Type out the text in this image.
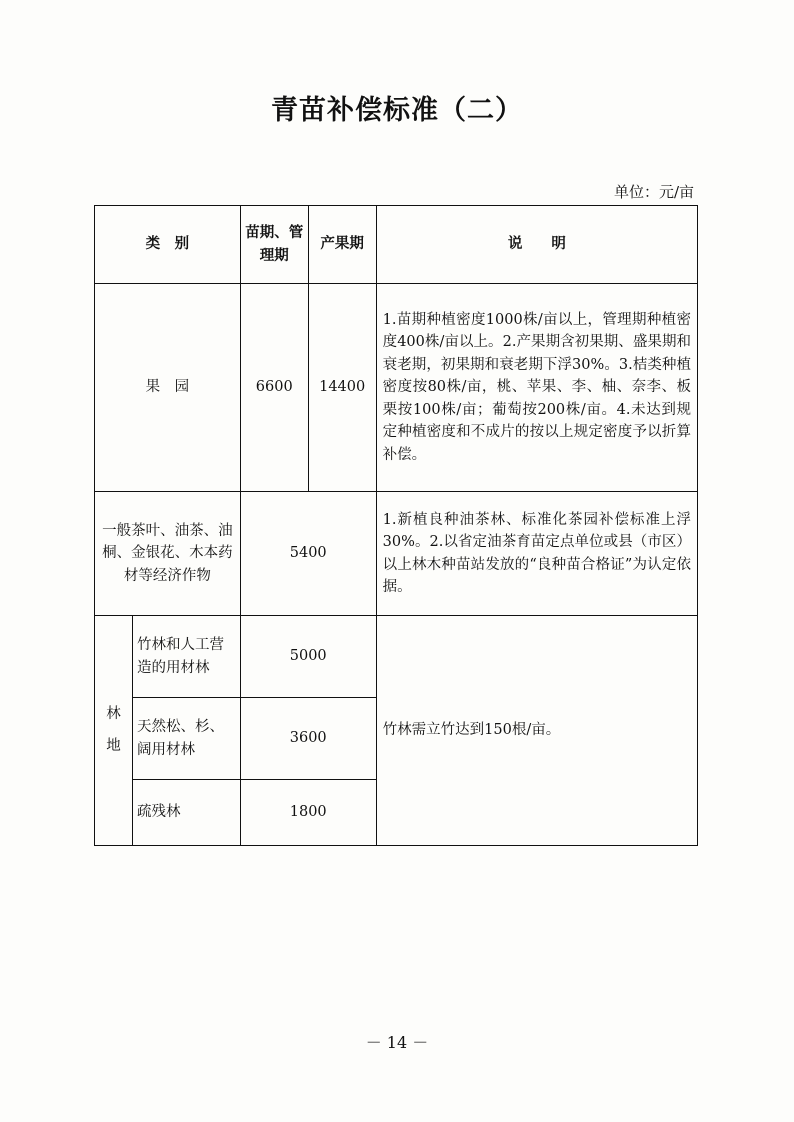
青苗补偿标准（二）
单位：元/亩
类　别		苗期、管理期	产果期	说　　明
果　园		6600	14400	1.苗期种植密度1000株/亩以上，管理期种植密度400株/亩以上。2.产果期含初果期、盛果期和衰老期，初果期和衰老期下浮30%。3.桔类种植密度按80株/亩，桃、苹果、李、柚、奈李、板栗按100株/亩；葡萄按200株/亩。4.未达到规定种植密度和不成片的按以上规定密度予以折算补偿。
一般茶叶、油茶、油桐、金银花、木本药材等经济作物		5400		1.新植良种油茶林、标准化茶园补偿标准上浮30%。2.以省定油茶育苗定点单位或县（市区）以上林木种苗站发放的“良种苗合格证”为认定依据。

林
地	竹林和人工营造的用材林	5000		竹林需立竹达到150根/亩。
	天然松、杉、阔用材林	3600		
	疏残林	1800		
－ 14 －
